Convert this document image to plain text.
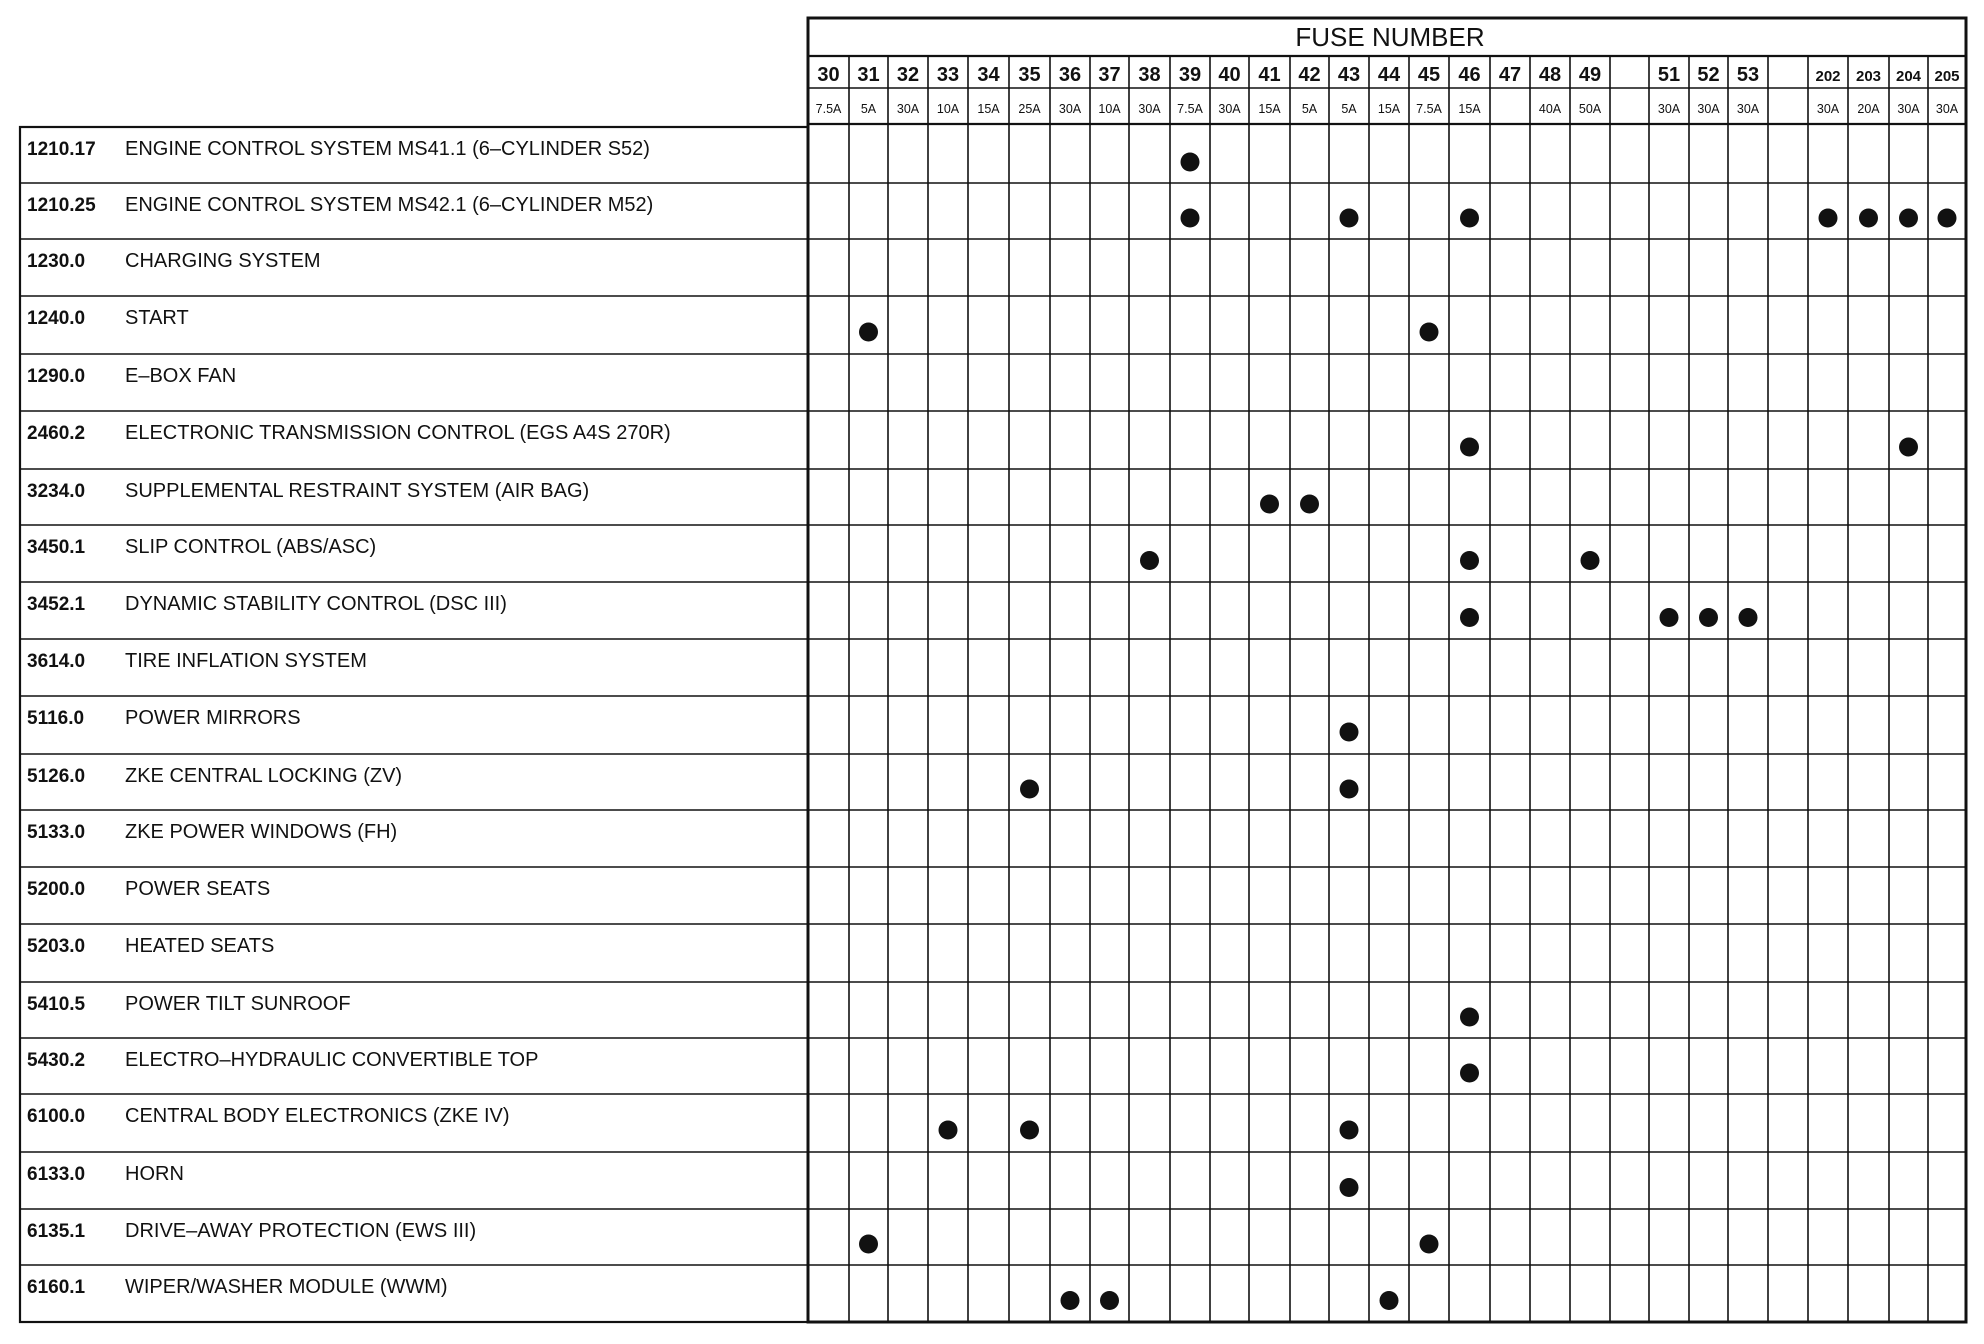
FUSE NUMBER
30
7.5A
31
5A
32
30A
33
10A
34
15A
35
25A
36
30A
37
10A
38
30A
39
7.5A
40
30A
41
15A
42
5A
43
5A
44
15A
45
7.5A
46
15A
47 48
40A
49
50A
51
30A
52
30A
53
30A
202
30A
203
20A
204
30A
205
30A
1210.17 ENGINE CONTROL SYSTEM MS41.1 (6–CYLINDER S52)
1210.25 ENGINE CONTROL SYSTEM MS42.1 (6–CYLINDER M52)
1230.0 CHARGING SYSTEM
1240.0 START
1290.0 E–BOX FAN
2460.2 ELECTRONIC TRANSMISSION CONTROL (EGS A4S 270R)
3234.0 SUPPLEMENTAL RESTRAINT SYSTEM (AIR BAG)
3450.1 SLIP CONTROL (ABS/ASC)
3452.1 DYNAMIC STABILITY CONTROL (DSC III)
3614.0 TIRE INFLATION SYSTEM
5116.0 POWER MIRRORS
5126.0 ZKE CENTRAL LOCKING (ZV)
5133.0 ZKE POWER WINDOWS (FH)
5200.0 POWER SEATS
5203.0 HEATED SEATS
5410.5 POWER TILT SUNROOF
5430.2 ELECTRO–HYDRAULIC CONVERTIBLE TOP
6100.0 CENTRAL BODY ELECTRONICS (ZKE IV)
6133.0 HORN
6135.1 DRIVE–AWAY PROTECTION (EWS III)
6160.1 WIPER/WASHER MODULE (WWM)
